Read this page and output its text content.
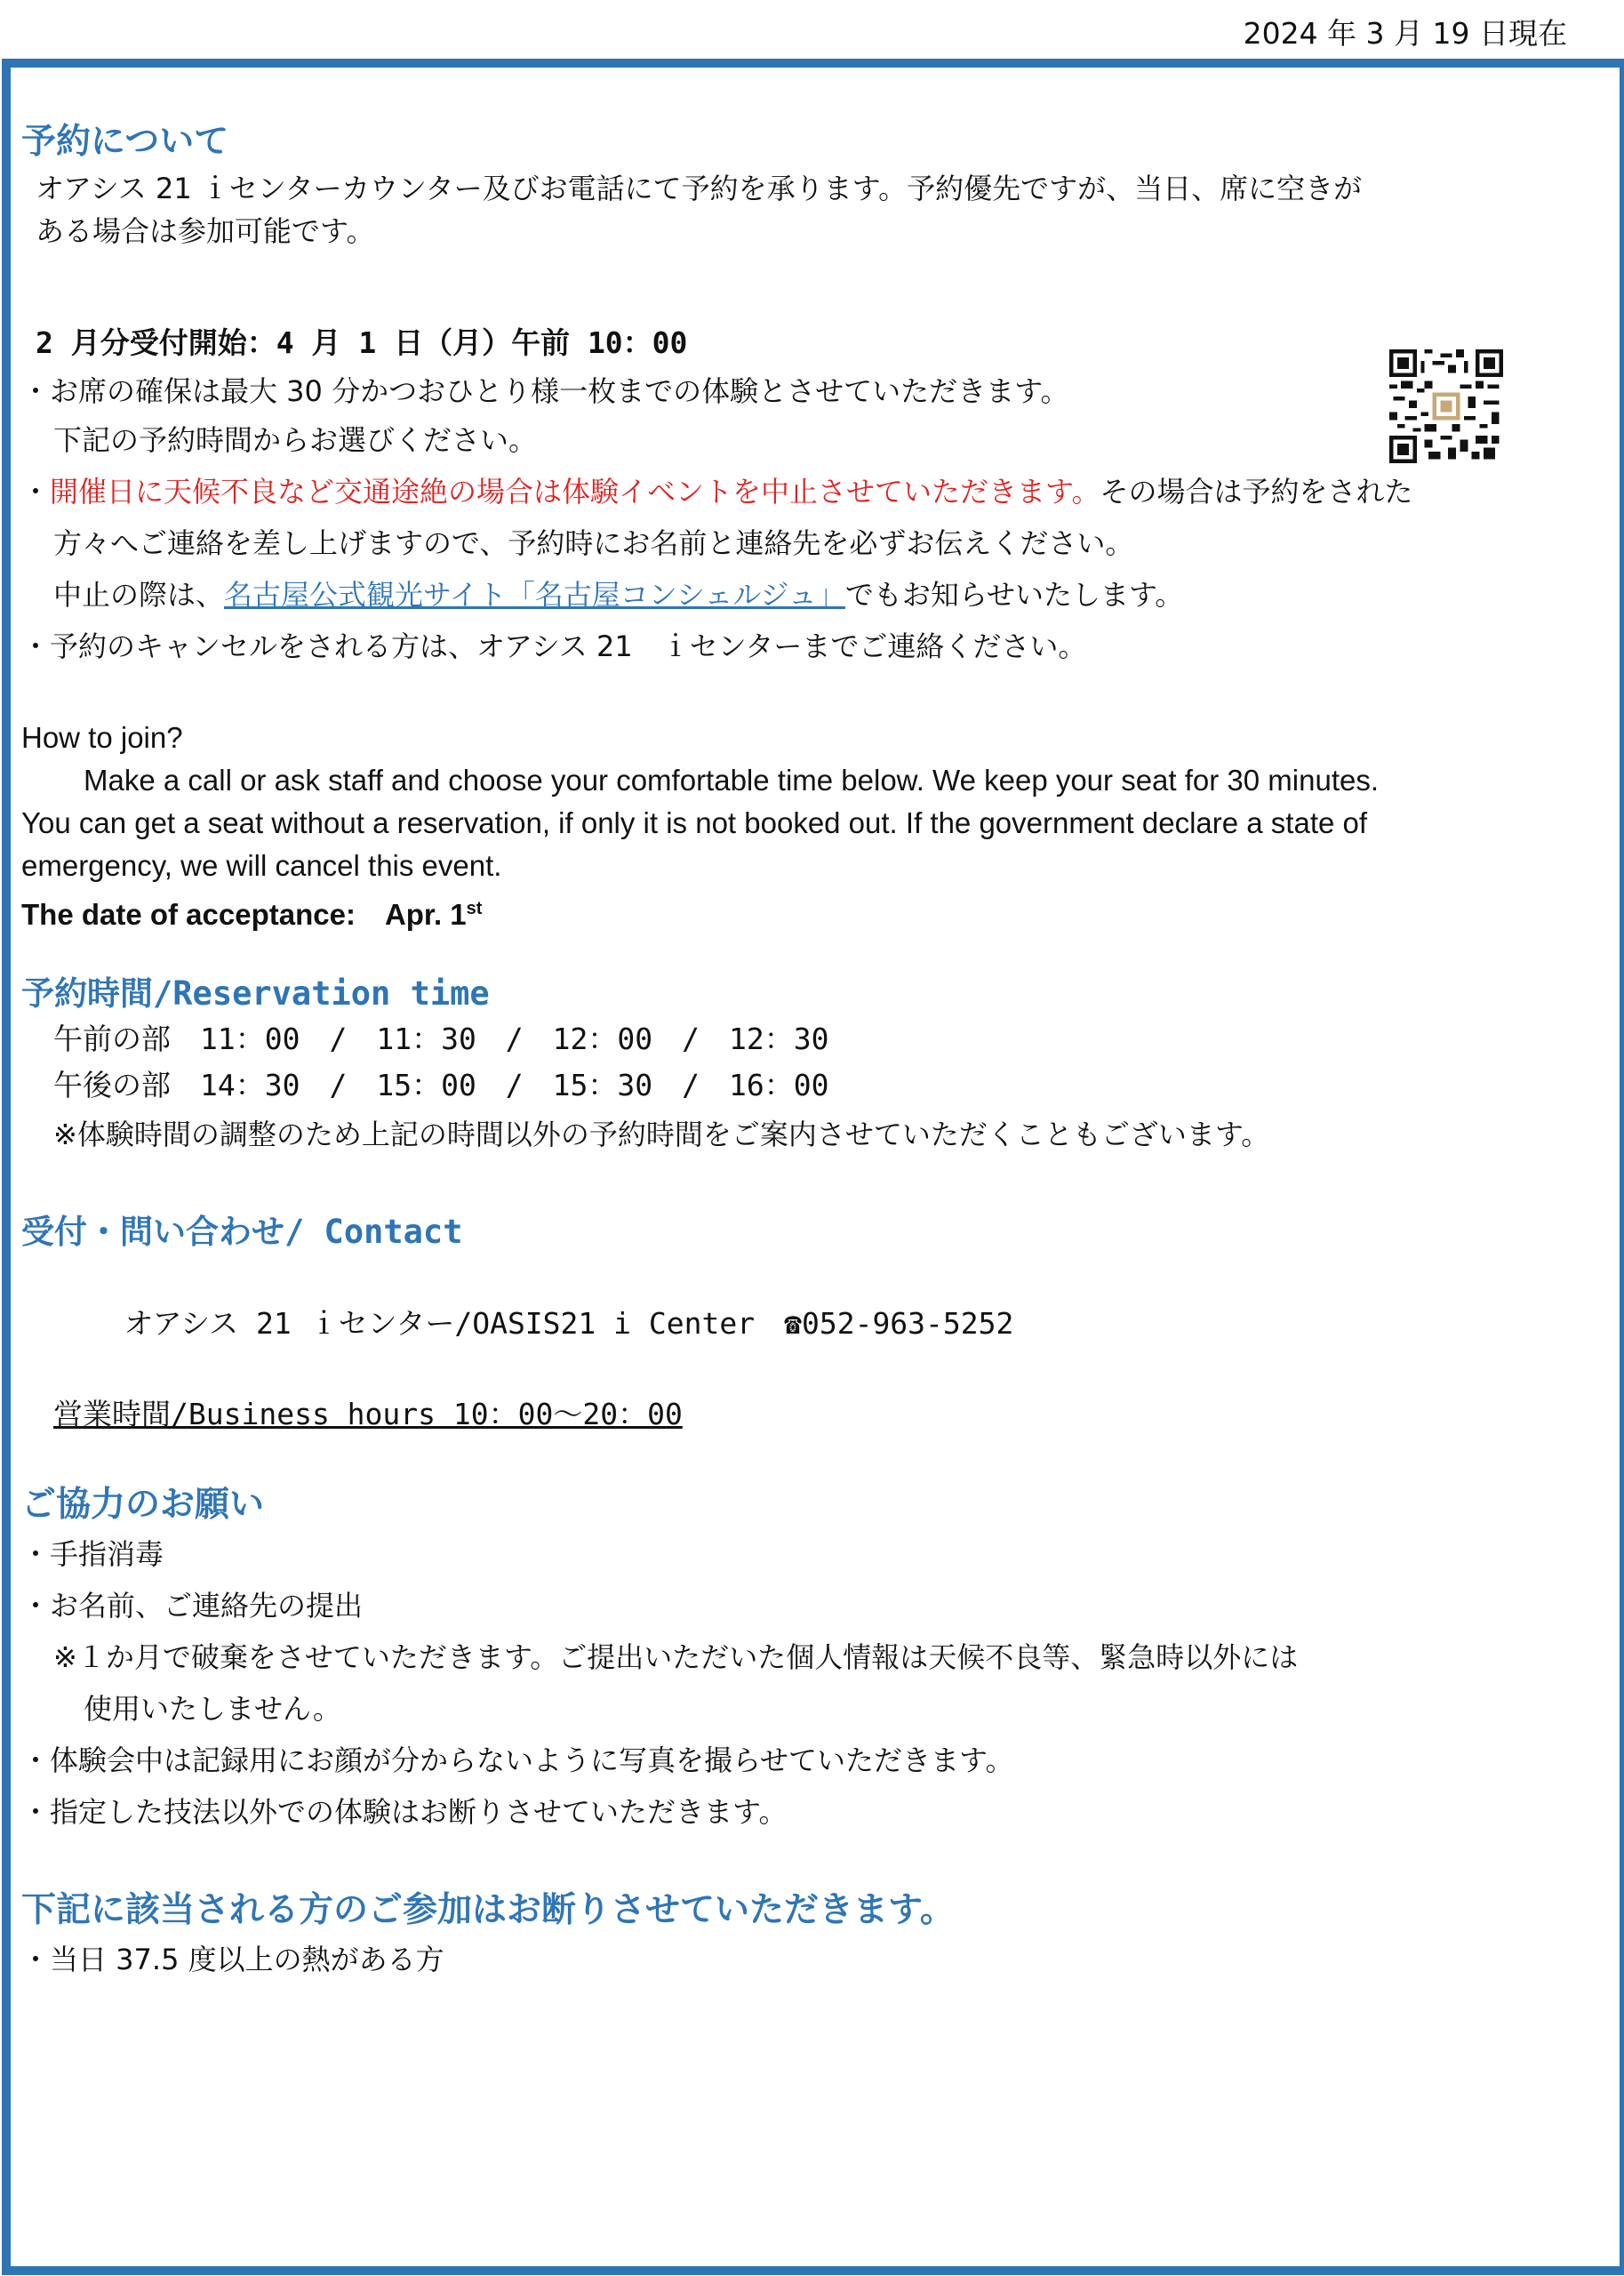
2024 年 3 月 19 日現在
予約について
オアシス 21 ｉセンターカウンター及びお電話にて予約を承ります。予約優先ですが、当日、席に空きが
ある場合は参加可能です。
2 月分受付開始：4 月 1 日（月）午前 10：00
・お席の確保は最大 30 分かつおひとり様一枚までの体験とさせていただきます。
下記の予約時間からお選びください。
・開催日に天候不良など交通途絶の場合は体験イベントを中止させていただきます。その場合は予約をされた
方々へご連絡を差し上げますので、予約時にお名前と連絡先を必ずお伝えください。
中止の際は、名古屋公式観光サイト「名古屋コンシェルジュ」でもお知らせいたします。
・予約のキャンセルをされる方は、オアシス 21　ｉセンターまでご連絡ください。
How to join?
Make a call or ask staff and choose your comfortable time below. We keep your seat for 30 minutes.
You can get a seat without a reservation, if only it is not booked out. If the government declare a state of
emergency, we will cancel this event.
The date of acceptance:　Apr. 1st
予約時間/Reservation time
午前の部　11：00　/　11：30　/　12：00　/　12：30
午後の部　14：30　/　15：00　/　15：30　/　16：00
※体験時間の調整のため上記の時間以外の予約時間をご案内させていただくこともございます。
受付・問い合わせ/ Contact

オアシス 21 ｉセンター/OASIS21 i Center　☎052-963-5252

営業時間/Business hours 10：00～20：00
ご協力のお願い
・手指消毒
・お名前、ご連絡先の提出
※１か月で破棄をさせていただきます。ご提出いただいた個人情報は天候不良等、緊急時以外には
使用いたしません。
・体験会中は記録用にお顔が分からないように写真を撮らせていただきます。
・指定した技法以外での体験はお断りさせていただきます。
下記に該当される方のご参加はお断りさせていただきます。
・当日 37.5 度以上の熱がある方
